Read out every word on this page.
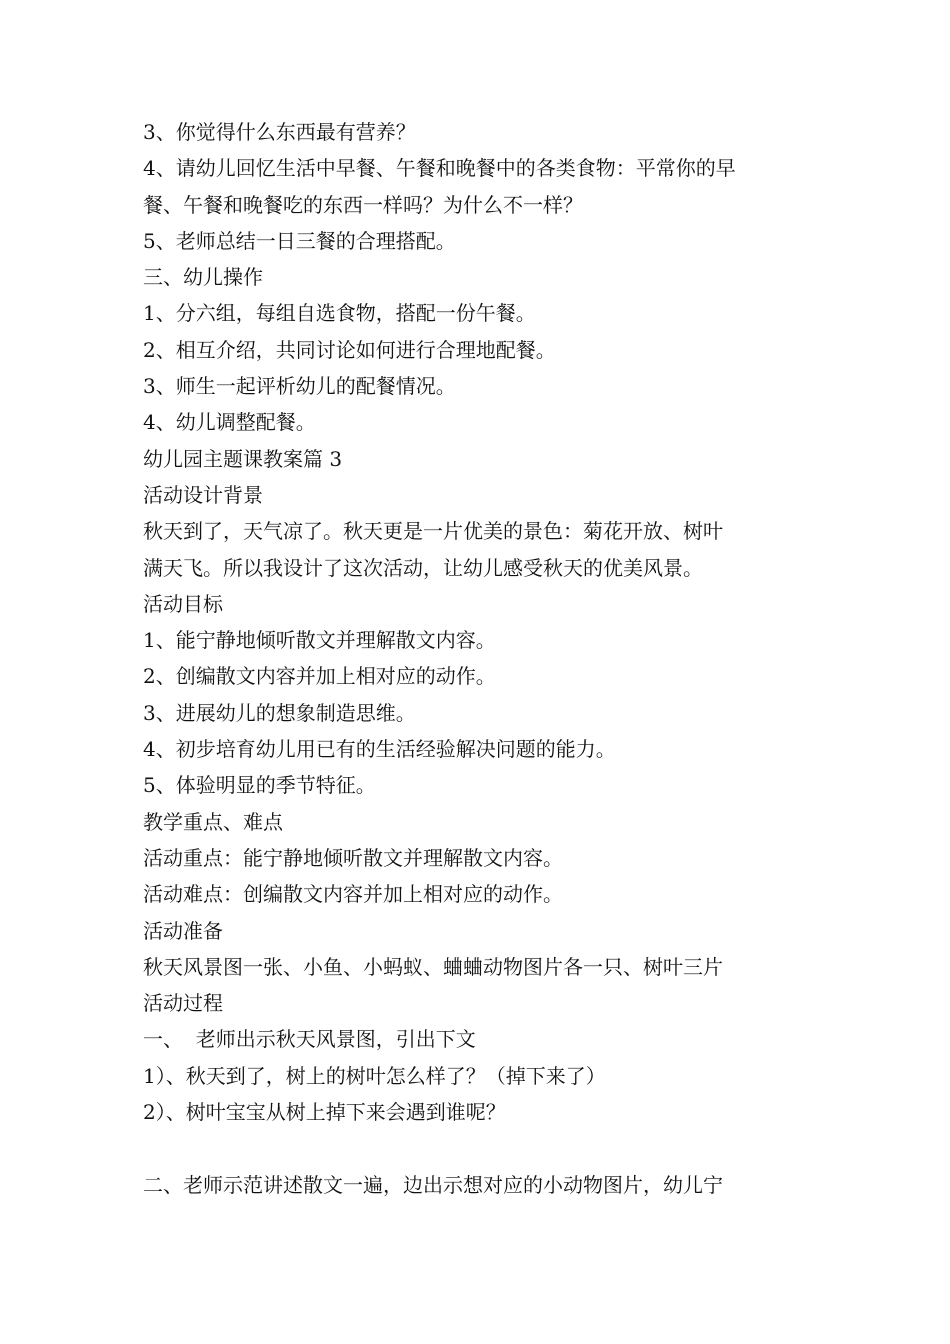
3、你觉得什么东西最有营养？
4、请幼儿回忆生活中早餐、午餐和晚餐中的各类食物：平常你的早
餐、午餐和晚餐吃的东西一样吗？为什么不一样？
5、老师总结一日三餐的合理搭配。
三、幼儿操作
1、分六组，每组自选食物，搭配一份午餐。
2、相互介绍，共同讨论如何进行合理地配餐。
3、师生一起评析幼儿的配餐情况。
4、幼儿调整配餐。
幼儿园主题课教案篇 3
活动设计背景
秋天到了，天气凉了。秋天更是一片优美的景色：菊花开放、树叶
满天飞。所以我设计了这次活动，让幼儿感受秋天的优美风景。
活动目标
1、能宁静地倾听散文并理解散文内容。
2、创编散文内容并加上相对应的动作。
3、进展幼儿的想象制造思维。
4、初步培育幼儿用已有的生活经验解决问题的能力。
5、体验明显的季节特征。
教学重点、难点
活动重点：能宁静地倾听散文并理解散文内容。
活动难点：创编散文内容并加上相对应的动作。
活动准备
秋天风景图一张、小鱼、小蚂蚁、蛐蛐动物图片各一只、树叶三片
活动过程
一、  老师出示秋天风景图，引出下文
1）、秋天到了，树上的树叶怎么样了？（掉下来了）
2）、树叶宝宝从树上掉下来会遇到谁呢？
二、老师示范讲述散文一遍，边出示想对应的小动物图片，幼儿宁
